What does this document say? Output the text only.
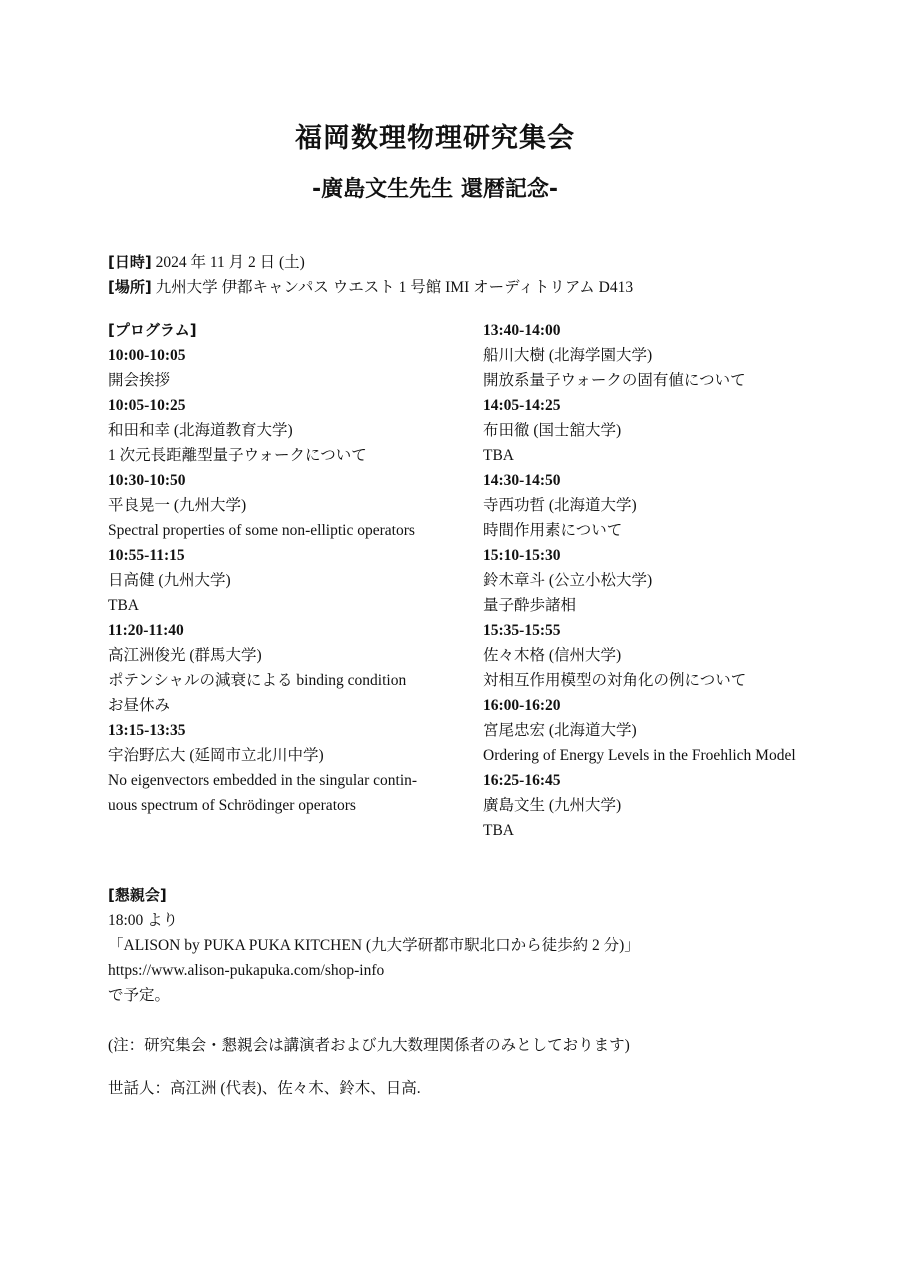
福岡数理物理研究集会
-廣島文生先生 還暦記念-
[日時] 2024 年 11 月 2 日 (土)
[場所] 九州大学 伊都キャンパス ウエスト 1 号館 IMI オーディトリアム D413
[プログラム]
10:00-10:05
開会挨拶
10:05-10:25
和田和幸 (北海道教育大学)
1 次元長距離型量子ウォークについて
10:30-10:50
平良晃一 (九州大学)
Spectral properties of some non-elliptic operators
10:55-11:15
日高健 (九州大学)
TBA
11:20-11:40
高江洲俊光 (群馬大学)
ポテンシャルの減衰による binding condition
お昼休み
13:15-13:35
宇治野広大 (延岡市立北川中学)
No eigenvectors embedded in the singular contin-
uous spectrum of Schrödinger operators
13:40-14:00
船川大樹 (北海学園大学)
開放系量子ウォークの固有値について
14:05-14:25
布田徹 (国士舘大学)
TBA
14:30-14:50
寺西功哲 (北海道大学)
時間作用素について
15:10-15:30
鈴木章斗 (公立小松大学)
量子酔歩諸相
15:35-15:55
佐々木格 (信州大学)
対相互作用模型の対角化の例について
16:00-16:20
宮尾忠宏 (北海道大学)
Ordering of Energy Levels in the Froehlich Model
16:25-16:45
廣島文生 (九州大学)
TBA
[懇親会]
18:00 より
「ALISON by PUKA PUKA KITCHEN (九大学研都市駅北口から徒歩約 2 分)」
https://www.alison-pukapuka.com/shop-info
で予定。
(注：研究集会・懇親会は講演者および九大数理関係者のみとしております)
世話人：高江洲 (代表)、佐々木、鈴木、日高.
